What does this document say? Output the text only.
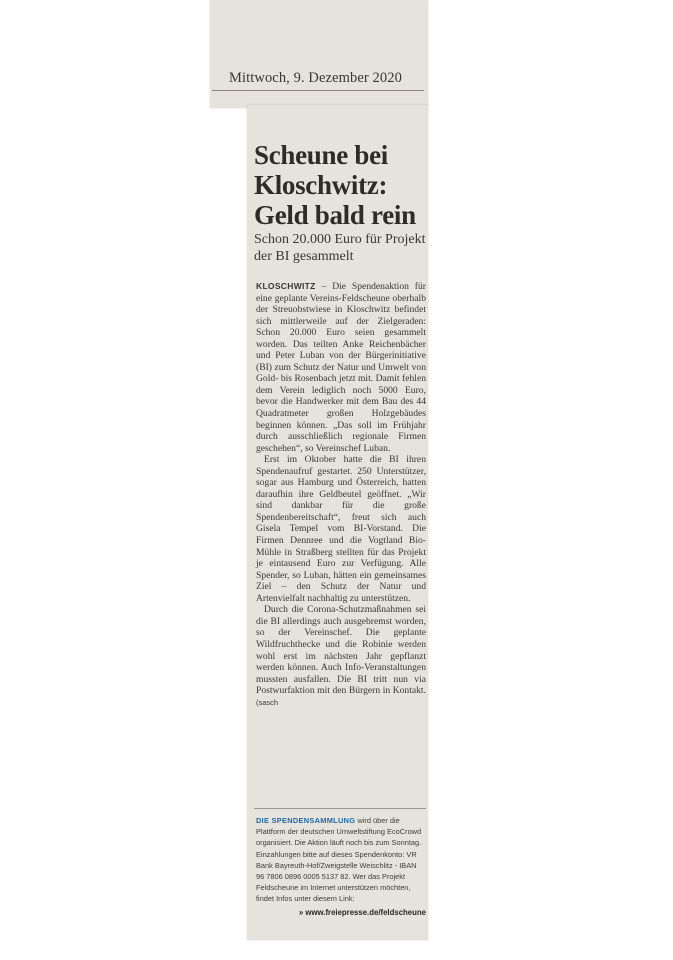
Mittwoch, 9. Dezember 2020
Scheune bei Kloschwitz: Geld bald rein
Schon 20.000 Euro für Projekt der BI gesammelt

KLOSCHWITZ – Die Spendenaktion für eine geplante Vereins-Feldscheune oberhalb der Streuobstwiese in Kloschwitz befindet sich mittlerweile auf der Zielgeraden: Schon 20.000 Euro seien gesammelt worden. Das teilten Anke Reichenbächer und Peter Luban von der Bürgerinitiative (BI) zum Schutz der Natur und Umwelt von Gold- bis Rosenbach jetzt mit. Damit fehlen dem Verein lediglich noch 5000 Euro, bevor die Handwerker mit dem Bau des 44 Quadratmeter großen Holzgebäudes beginnen können. „Das soll im Frühjahr durch ausschließlich regionale Firmen geschehen“, so Vereinschef Luban.

Erst im Oktober hatte die BI ihren Spendenaufruf gestartet. 250 Unterstützer, sogar aus Hamburg und Österreich, hatten daraufhin ihre Geldbeutel geöffnet. „Wir sind dankbar für die große Spendenbereitschaft“, freut sich auch Gisela Tempel vom BI-Vorstand. Die Firmen Dennree und die Vogtland Bio-Mühle in Straßberg stellten für das Projekt je eintausend Euro zur Verfügung. Alle Spender, so Luban, hätten ein gemeinsames Ziel – den Schutz der Natur und Artenvielfalt nachhaltig zu unterstützen.

Durch die Corona-Schutzmaßnahmen sei die BI allerdings auch ausgebremst worden, so der Vereinschef. Die geplante Wildfruchthecke und die Robinie werden wohl erst im nächsten Jahr gepflanzt werden können. Auch Info-Veranstaltungen mussten ausfallen. Die BI tritt nun via Postwurfaktion mit den Bürgern in Kontakt. (sasch

DIE SPENDENSAMMLUNG wird über die Plattform der deutschen Umweltstiftung EcoCrowd organisiert. Die Aktion läuft noch bis zum Sonntag. Einzahlungen bitte auf dieses Spendenkonto: VR Bank Bayreuth-Hof/Zweigstelle Weischlitz - IBAN 96 7806 0896 0005 5137 82. Wer das Projekt Feldscheune im Internet unterstützen möchten, findet Infos unter diesem Link:
» www.freiepresse.de/feldscheune
